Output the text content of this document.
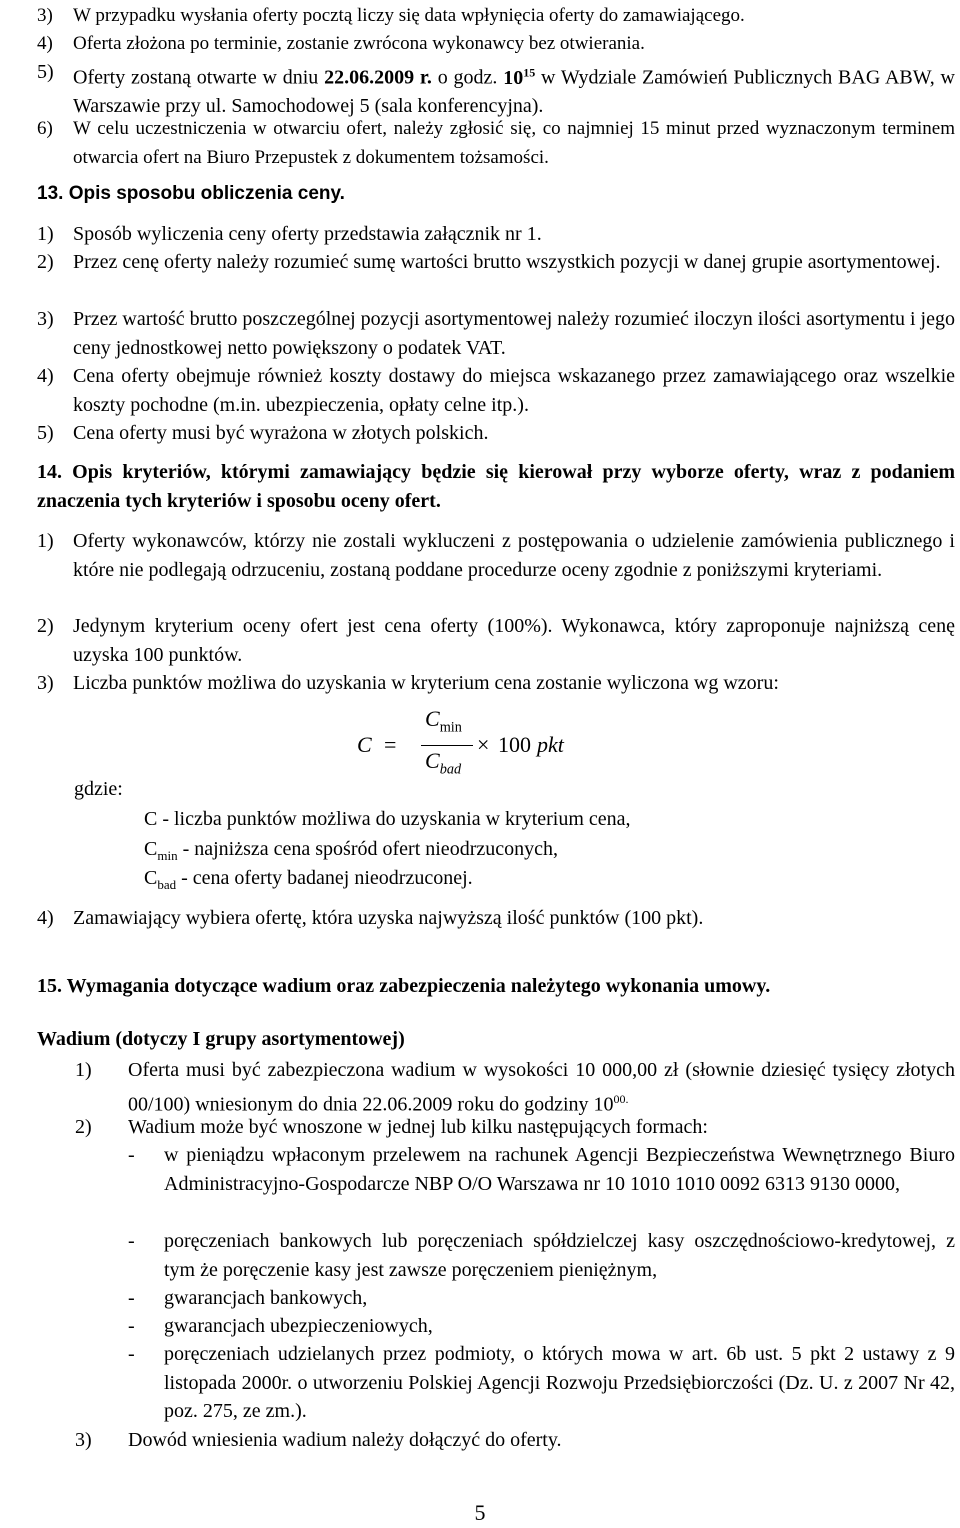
3) W przypadku wysłania oferty pocztą liczy się data wpłynięcia oferty do zamawiającego.
4) Oferta złożona po terminie, zostanie zwrócona wykonawcy bez otwierania.
5) Oferty zostaną otwarte w dniu 22.06.2009 r. o godz. $10^{15}$ w Wydziale Zamówień Publicznych BAG ABW, w Warszawie przy ul. Samochodowej 5 (sala konferencyjna).
6) W celu uczestniczenia w otwarciu ofert, należy zgłosić się, co najmniej 15 minut przed wyznaczonym terminem otwarcia ofert na Biuro Przepustek z dokumentem tożsamości.
13. Opis sposobu obliczenia ceny.
1) Sposób wyliczenia ceny oferty przedstawia załącznik nr 1.
2) Przez cenę oferty należy rozumieć sumę wartości brutto wszystkich pozycji w danej grupie asortymentowej.
3) Przez wartość brutto poszczególnej pozycji asortymentowej należy rozumieć iloczyn ilości asortymentu i jego ceny jednostkowej netto powiększony o podatek VAT.
4) Cena oferty obejmuje również koszty dostawy do miejsca wskazanego przez zamawiającego oraz wszelkie koszty pochodne (m.in. ubezpieczenia, opłaty celne itp.).
5) Cena oferty musi być wyrażona w złotych polskich.
14. Opis kryteriów, którymi zamawiający będzie się kierował przy wyborze oferty, wraz z podaniem znaczenia tych kryteriów i sposobu oceny ofert.
1) Oferty wykonawców, którzy nie zostali wykluczeni z postępowania o udzielenie zamówienia publicznego i które nie podlegają odrzuceniu, zostaną poddane procedurze oceny zgodnie z poniższymi kryteriami.
2) Jedynym kryterium oceny ofert jest cena oferty (100%). Wykonawca, który zaproponuje najniższą cenę uzyska 100 punktów.
3) Liczba punktów możliwa do uzyskania w kryterium cena zostanie wyliczona wg wzoru:
C =
$C_{min}$
$C_{bad}$
× 100 pkt
gdzie:
C - liczba punktów możliwa do uzyskania w kryterium cena,
$C_{min}$ - najniższa cena spośród ofert nieodrzuconych,
$C_{bad}$ - cena oferty badanej nieodrzuconej.
4) Zamawiający wybiera ofertę, która uzyska najwyższą ilość punktów (100 pkt).
15. Wymagania dotyczące wadium oraz zabezpieczenia należytego wykonania umowy.
Wadium (dotyczy I grupy asortymentowej)
1) Oferta musi być zabezpieczona wadium w wysokości 10 000,00 zł (słownie dziesięć tysięcy złotych 00/100) wniesionym do dnia 22.06.2009 roku do godziny $10^{00.}$
2) Wadium może być wnoszone w jednej lub kilku następujących formach:
- w pieniądzu wpłaconym przelewem na rachunek Agencji Bezpieczeństwa Wewnętrznego Biuro Administracyjno-Gospodarcze NBP O/O Warszawa nr 10 1010 1010 0092 6313 9130 0000,
- poręczeniach bankowych lub poręczeniach spółdzielczej kasy oszczędnościowo-kredytowej, z tym że poręczenie kasy jest zawsze poręczeniem pieniężnym,
- gwarancjach bankowych,
- gwarancjach ubezpieczeniowych,
- poręczeniach udzielanych przez podmioty, o których mowa w art. 6b ust. 5 pkt 2 ustawy z 9 listopada 2000r. o utworzeniu Polskiej Agencji Rozwoju Przedsiębiorczości (Dz. U. z 2007 Nr 42, poz. 275, ze zm.).
3) Dowód wniesienia wadium należy dołączyć do oferty.
5
